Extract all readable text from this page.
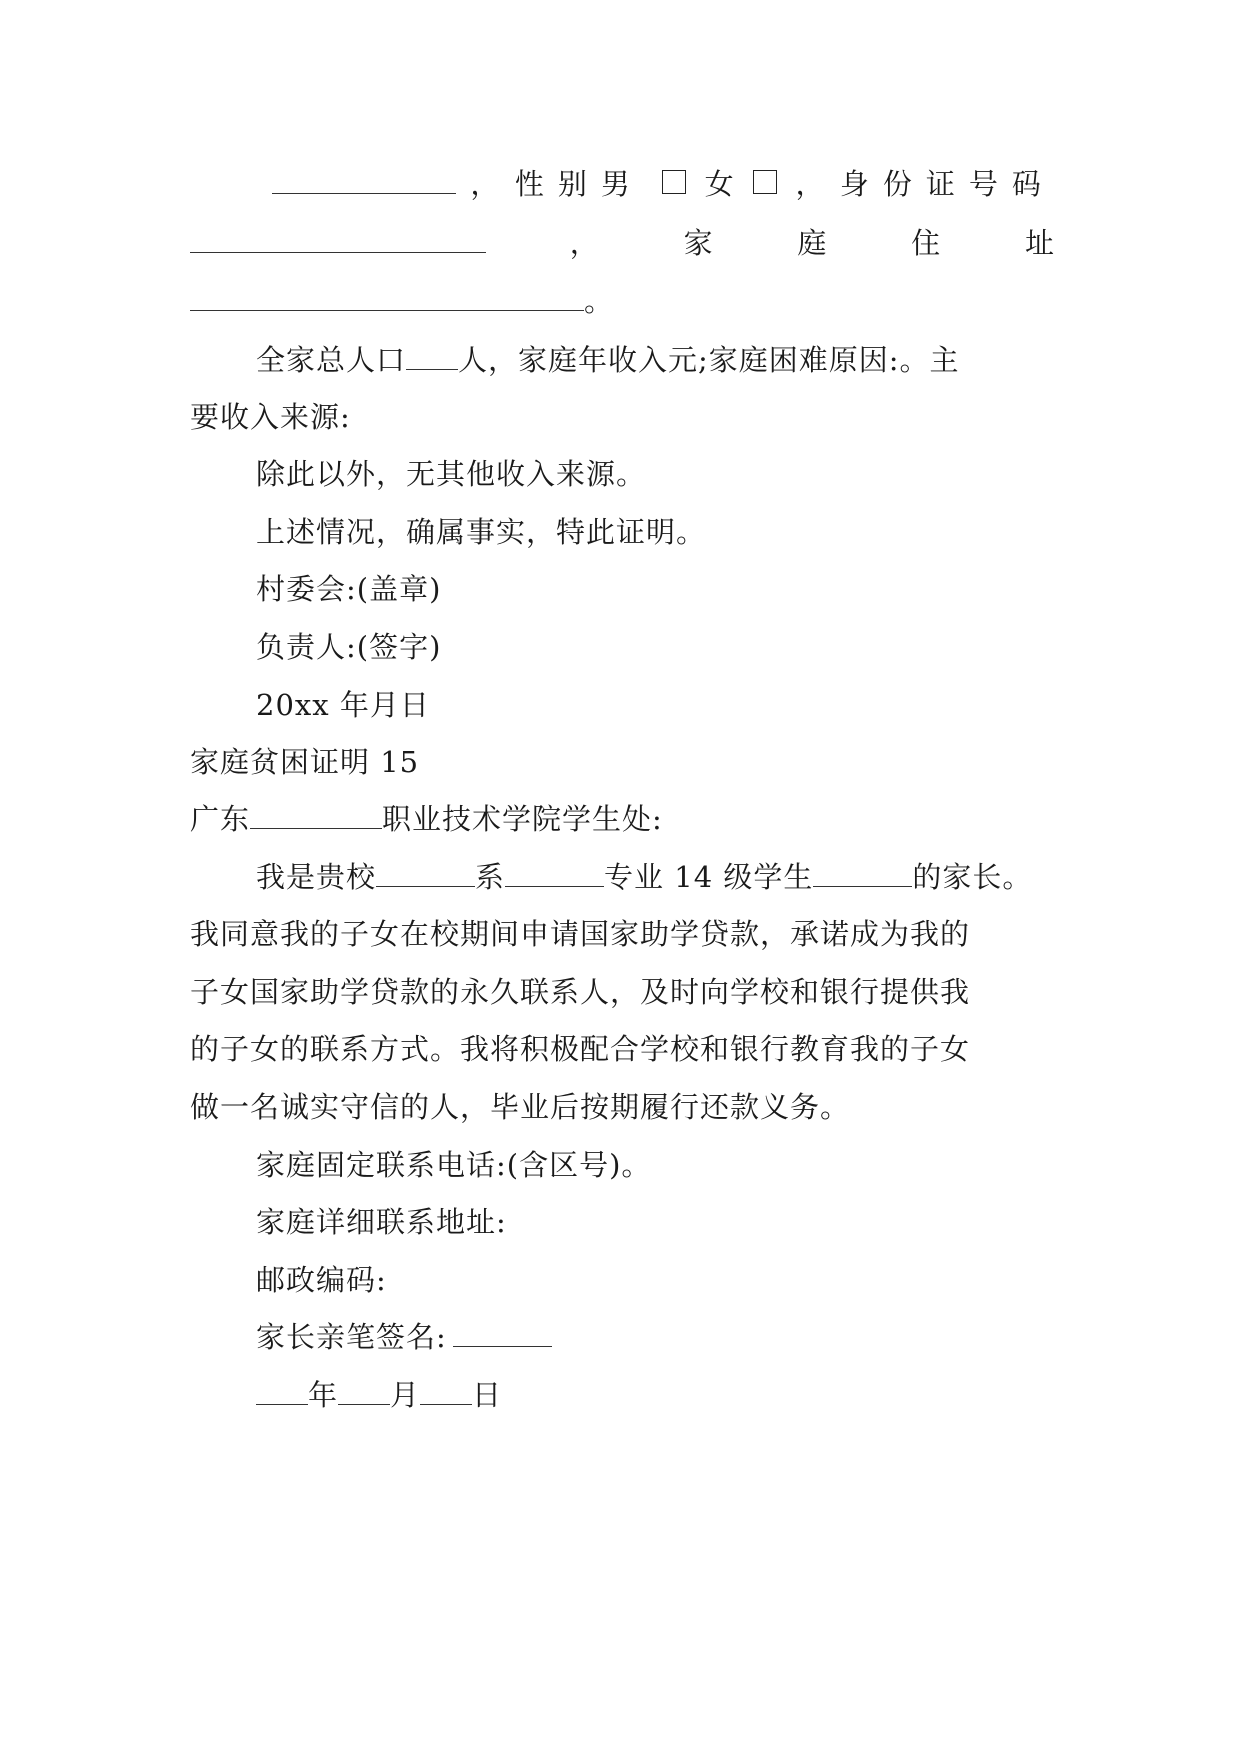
， 性别男 女 ， 身份证号码
，	家	庭	住	址
。
全家总人口 人，家庭年收入元;家庭困难原因:。主
要收入来源:
除此以外，无其他收入来源。
上述情况，确属事实，特此证明。
村委会:(盖章)
负责人:(签字)
20xx 年月日
家庭贫困证明 15
广东	职业技术学院学生处:
我是贵校	系	专业 14 级学生	的家长。
我同意我的子女在校期间申请国家助学贷款，承诺成为我的
子女国家助学贷款的永久联系人，及时向学校和银行提供我
的子女的联系方式。我将积极配合学校和银行教育我的子女
做一名诚实守信的人，毕业后按期履行还款义务。
家庭固定联系电话:(含区号)。
家庭详细联系地址:
邮政编码:
家长亲笔签名:
年 月 日
